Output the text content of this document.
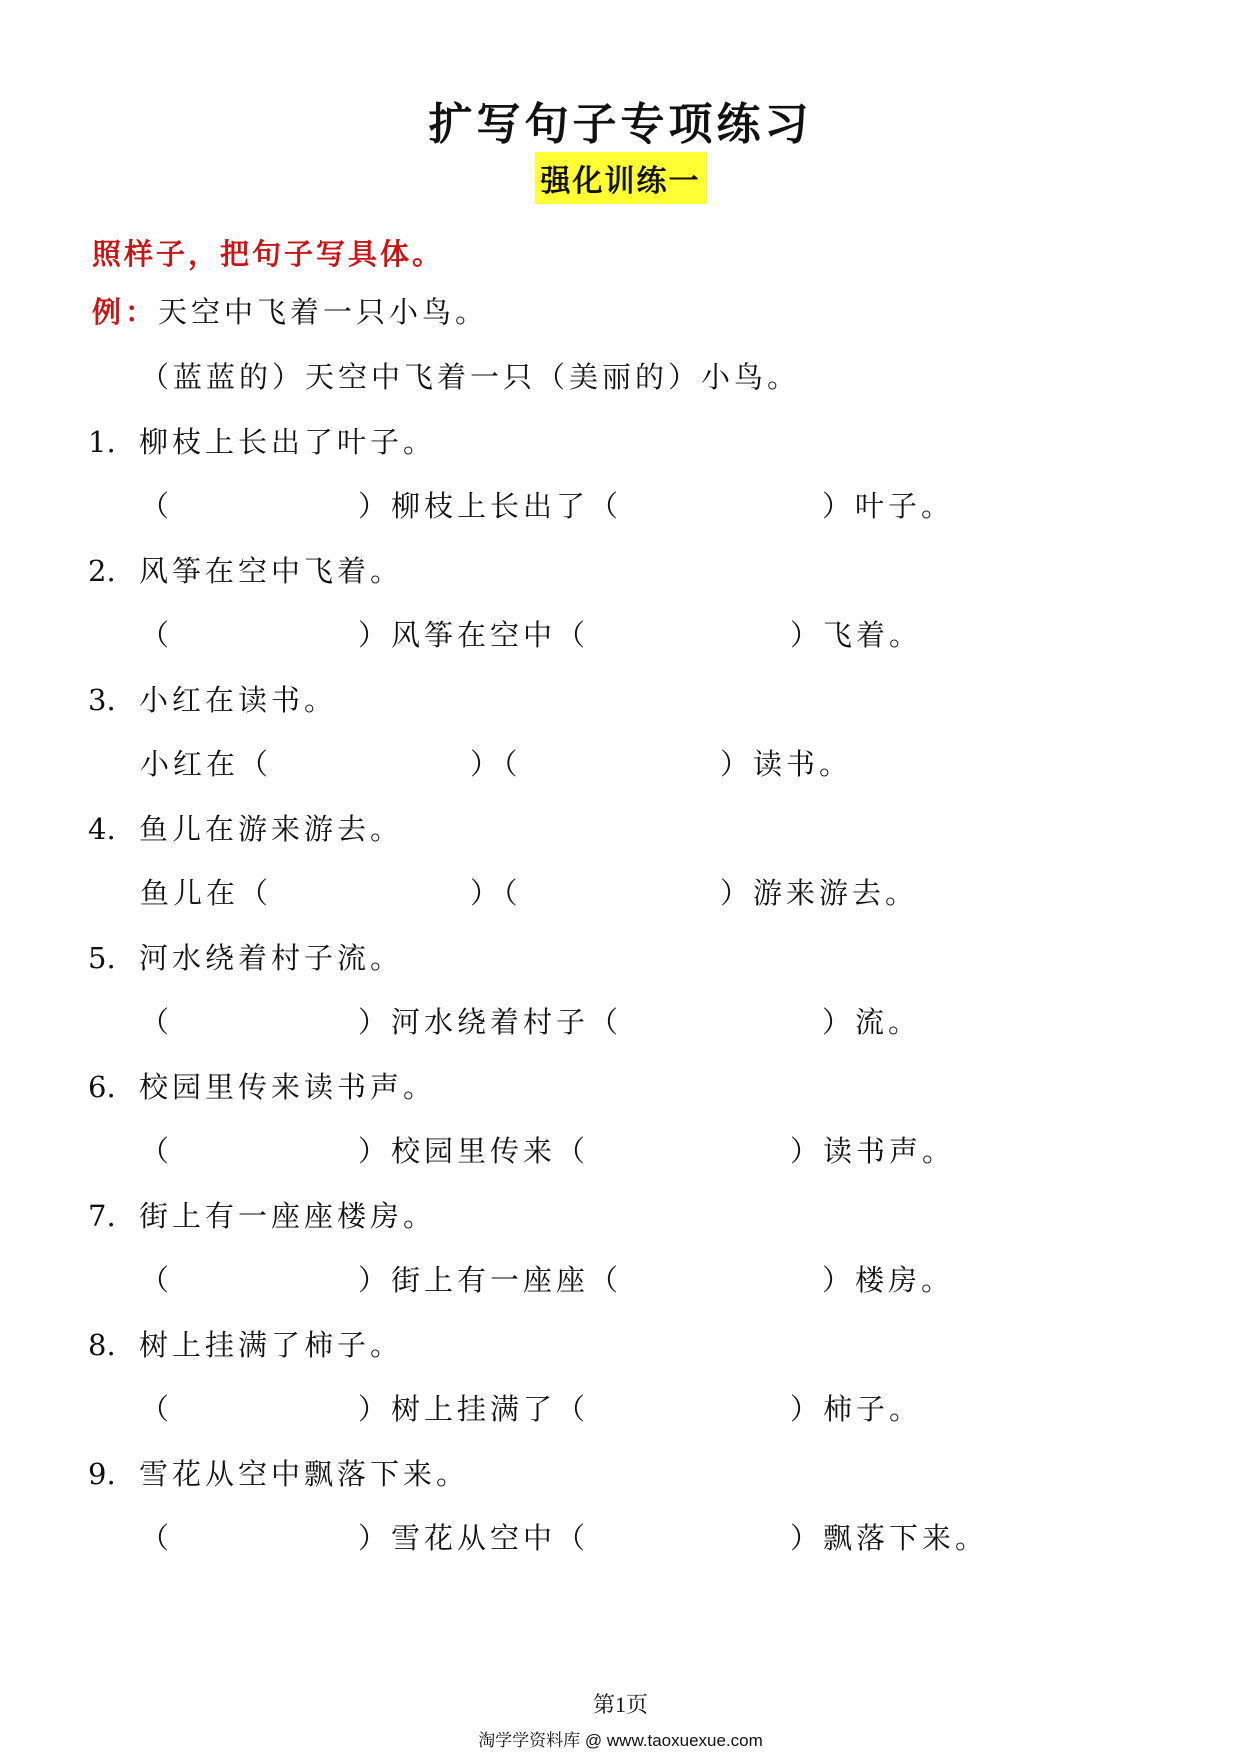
扩写句子专项练习
强化训练一
照样子，把句子写具体。
例：天空中飞着一只小鸟。
（蓝蓝的）天空中飞着一只（美丽的）小鸟。
1. 柳枝上长出了叶子。
（	）柳枝上长出了（	）叶子。
2. 风筝在空中飞着。
（	）风筝在空中（	）飞着。
3. 小红在读书。
小红在（	）（	）读书。
4. 鱼儿在游来游去。
鱼儿在（	）（	）游来游去。
5. 河水绕着村子流。
（	）河水绕着村子（	）流。
6. 校园里传来读书声。
（	）校园里传来（	）读书声。
7. 街上有一座座楼房。
（	）街上有一座座（	）楼房。
8. 树上挂满了柿子。
（	）树上挂满了（	）柿子。
9. 雪花从空中飘落下来。
（	）雪花从空中（	）飘落下来。
第1页
淘学学资料库 @ www.taoxuexue.com
